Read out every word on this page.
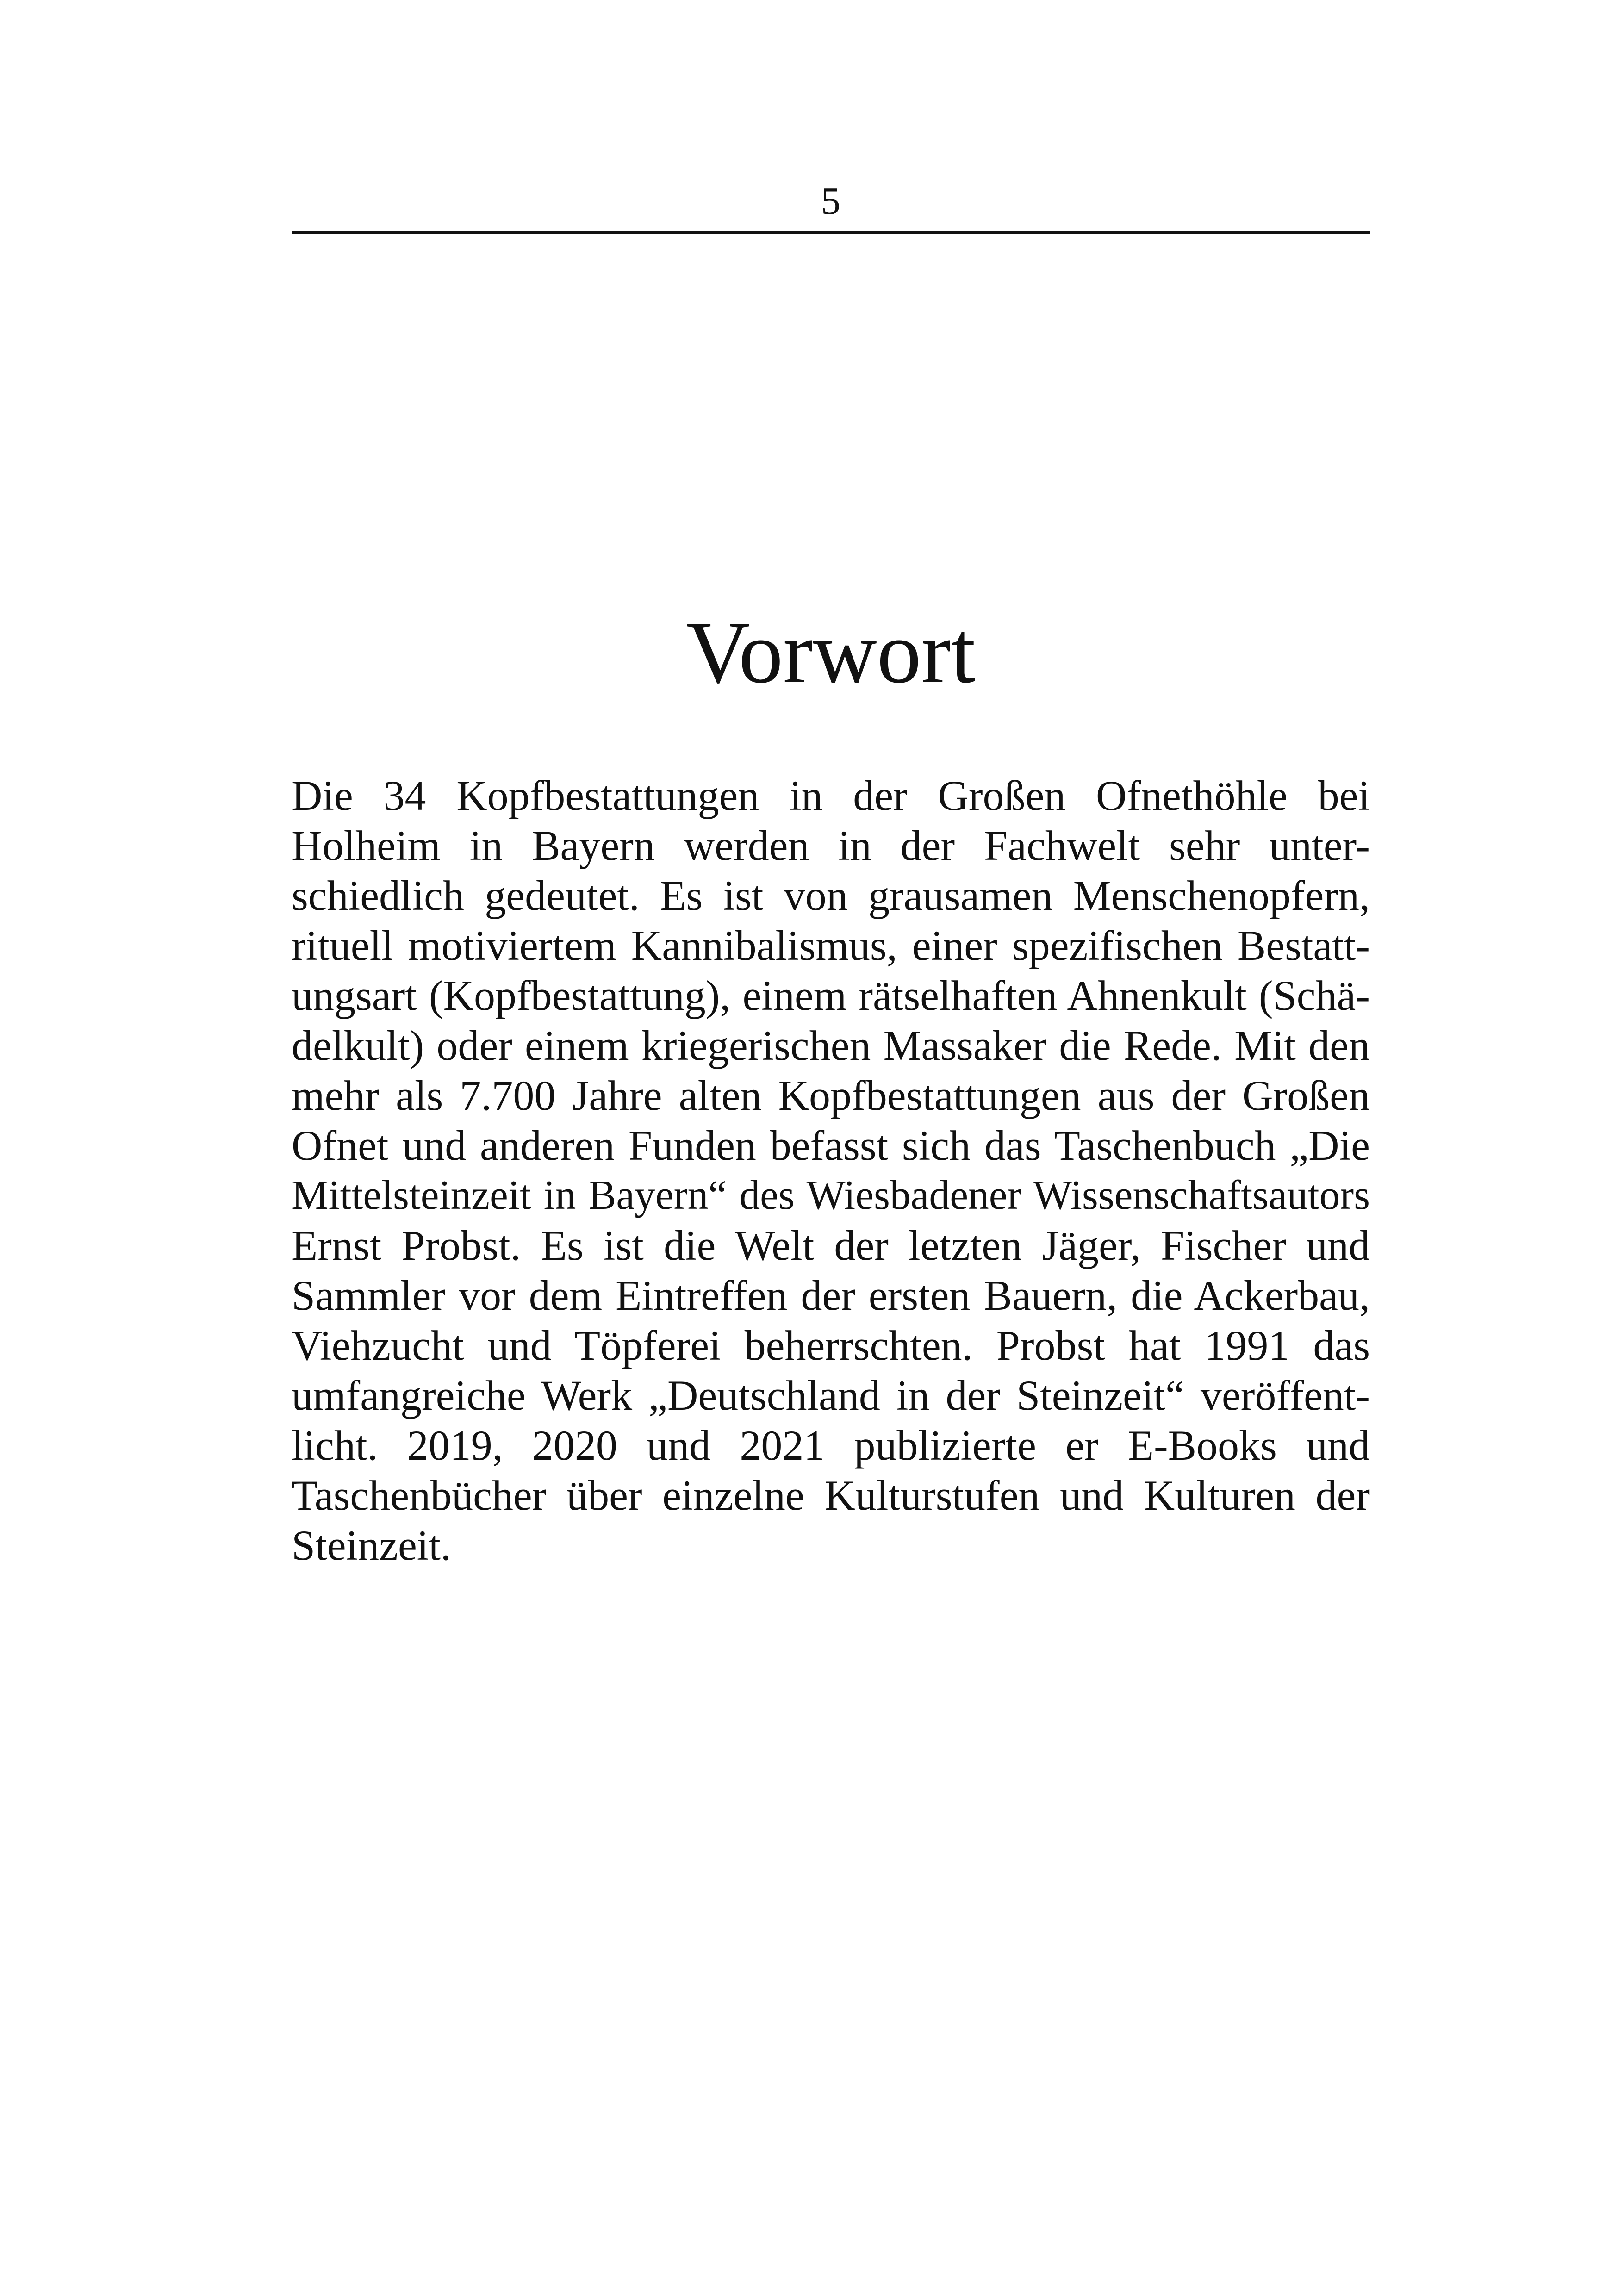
5
Vorwort
Die 34 Kopfbestattungen in der Großen Ofnethöhle bei
Holheim in Bayern werden in der Fachwelt sehr unter-
schiedlich gedeutet. Es ist von grausamen Menschenopfern,
rituell motiviertem Kannibalismus, einer spezifischen Bestatt-
ungsart (Kopfbestattung), einem rätselhaften Ahnenkult (Schä-
delkult) oder einem kriegerischen Massaker die Rede. Mit den
mehr als 7.700 Jahre alten Kopfbestattungen aus der Großen
Ofnet und anderen Funden befasst sich das Taschenbuch „Die
Mittelsteinzeit in Bayern“ des Wiesbadener Wissenschaftsautors
Ernst Probst. Es ist die Welt der letzten Jäger, Fischer und
Sammler vor dem Eintreffen der ersten Bauern, die Ackerbau,
Viehzucht und Töpferei beherrschten. Probst hat 1991 das
umfangreiche Werk „Deutschland in der Steinzeit“ veröffent-
licht. 2019, 2020 und 2021 publizierte er E-Books und
Taschenbücher über einzelne Kulturstufen und Kulturen der
Steinzeit.
